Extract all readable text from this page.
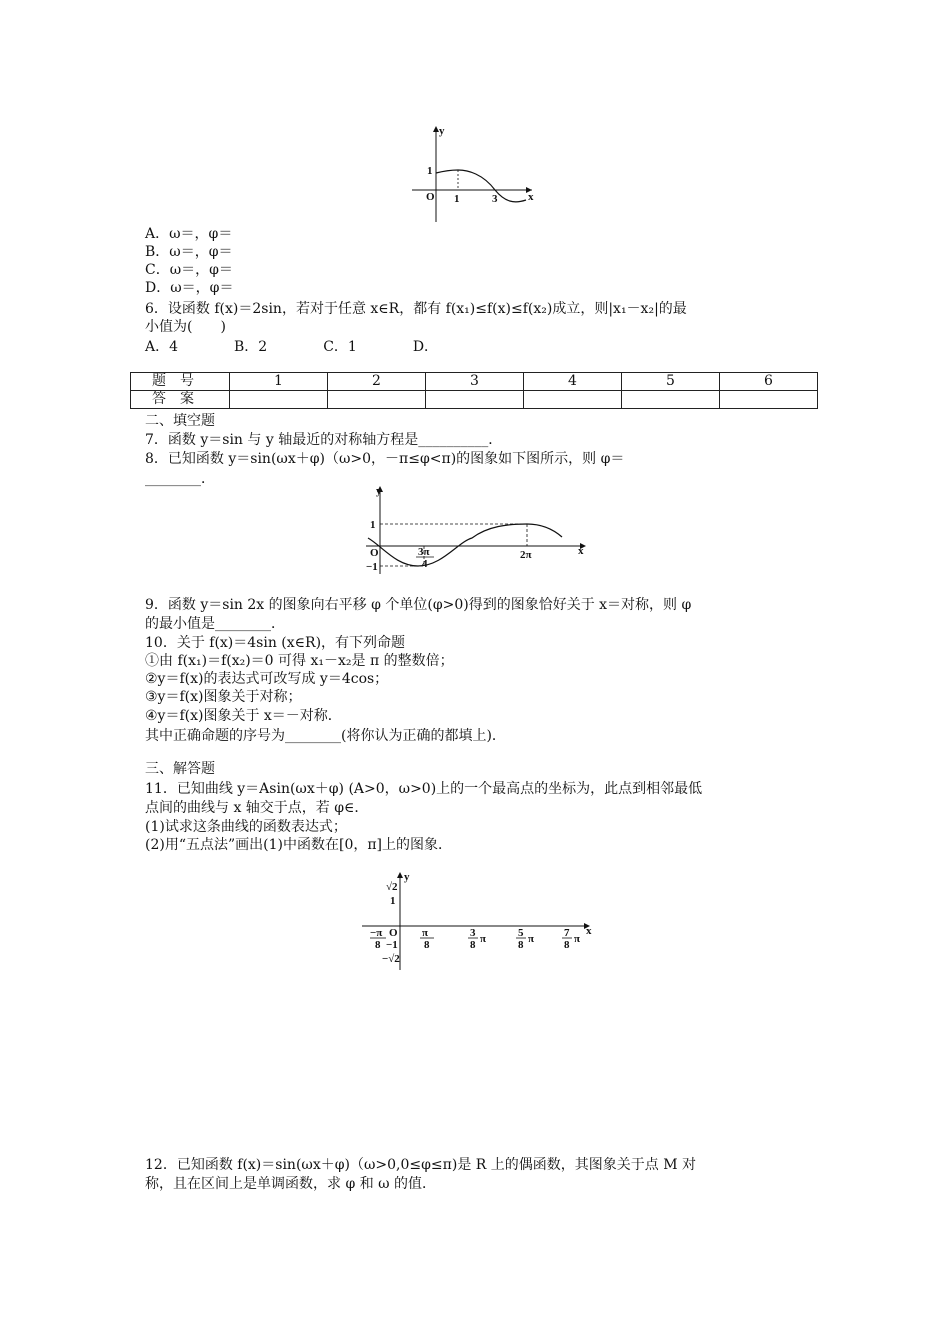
y
x
O
1
1	3
A．ω＝，φ＝
B．ω＝，φ＝
C．ω＝，φ＝
D．ω＝，φ＝
6．设函数 f(x)＝2sin，若对于任意 x∈R，都有 f(x₁)≤f(x)≤f(x₂)成立，则|x₁－x₂|的最
小值为(　　)
A．4　　　　B．2　　　　C．1　　　　D．
题号	1	2	3	4	5	6
答案						
二、填空题
7．函数 y＝sin 与 y 轴最近的对称轴方程是__________．
8．已知函数 y＝sin(ωx＋φ)（ω>0，－π≤φ<π)的图象如下图所示，则 φ＝
________．
y
x
O
1
−1
3π
4
2π
9．函数 y＝sin 2x 的图象向右平移 φ 个单位(φ>0)得到的图象恰好关于 x＝对称，则 φ
的最小值是________．
10．关于 f(x)＝4sin (x∈R)，有下列命题
①由 f(x₁)＝f(x₂)＝0 可得 x₁－x₂是 π 的整数倍；
②y＝f(x)的表达式可改写成 y＝4cos；
③y＝f(x)图象关于对称；
④y＝f(x)图象关于 x＝－对称．
其中正确命题的序号为________(将你认为正确的都填上)．
三、解答题
11．已知曲线 y＝Asin(ωx＋φ) (A>0，ω>0)上的一个最高点的坐标为，此点到相邻最低
点间的曲线与 x 轴交于点，若 φ∈．
(1)试求这条曲线的函数表达式；
(2)用“五点法”画出(1)中函数在[0，π]上的图象．
y
x
O
√2
1
−1
−√2
−π
8
π
8
3
8 π	5
8 π	7
8 π
12．已知函数 f(x)＝sin(ωx＋φ)（ω>0,0≤φ≤π)是 R 上的偶函数，其图象关于点 M 对
称，且在区间上是单调函数，求 φ 和 ω 的值．
